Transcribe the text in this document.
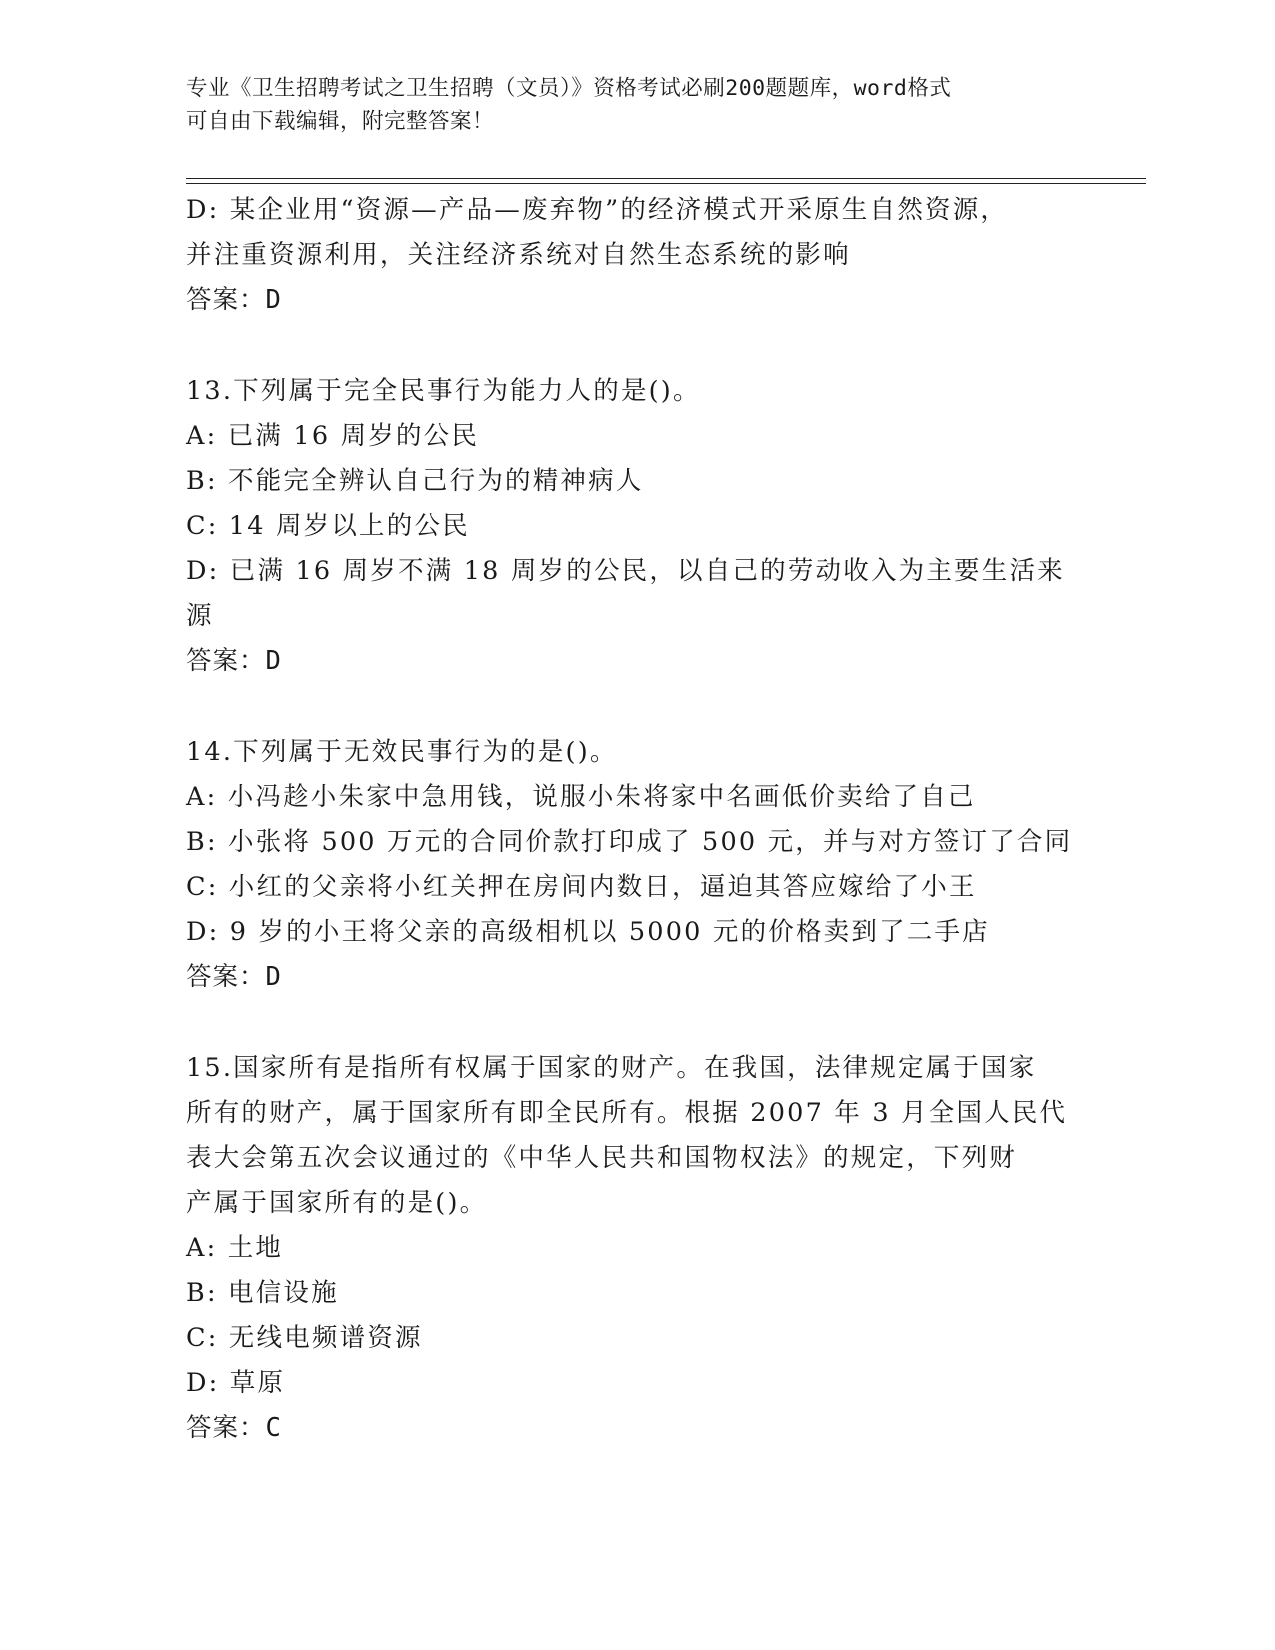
专业《卫生招聘考试之卫生招聘（文员）》资格考试必刷200题题库，word格式
可自由下载编辑，附完整答案！
D: 某企业用“资源—产品—废弃物”的经济模式开采原生自然资源，
并注重资源利用，关注经济系统对自然生态系统的影响
答案：D
13.下列属于完全民事行为能力人的是()。
A: 已满 16 周岁的公民
B: 不能完全辨认自己行为的精神病人
C: 14 周岁以上的公民
D: 已满 16 周岁不满 18 周岁的公民，以自己的劳动收入为主要生活来
源
答案：D
14.下列属于无效民事行为的是()。
A: 小冯趁小朱家中急用钱，说服小朱将家中名画低价卖给了自己
B: 小张将 500 万元的合同价款打印成了 500 元，并与对方签订了合同
C: 小红的父亲将小红关押在房间内数日，逼迫其答应嫁给了小王
D: 9 岁的小王将父亲的高级相机以 5000 元的价格卖到了二手店
答案：D
15.国家所有是指所有权属于国家的财产。在我国，法律规定属于国家
所有的财产，属于国家所有即全民所有。根据 2007 年 3 月全国人民代
表大会第五次会议通过的《中华人民共和国物权法》的规定，下列财
产属于国家所有的是()。
A: 土地
B: 电信设施
C: 无线电频谱资源
D: 草原
答案：C
